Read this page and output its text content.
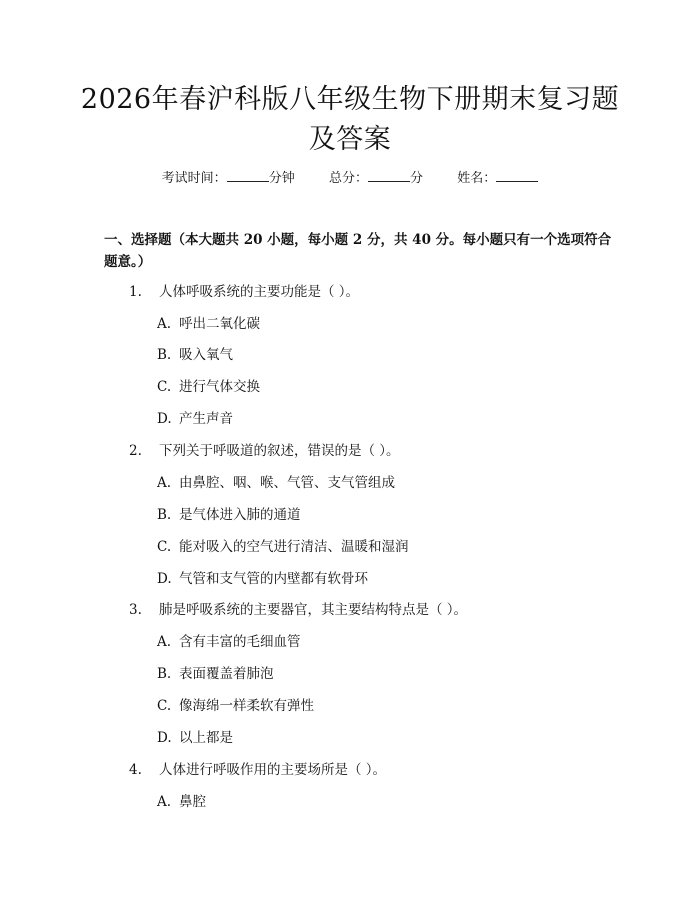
2026年春沪科版八年级生物下册期末复习题
及答案
考试时间：	分钟	总分：	分	姓名：
一、选择题（本大题共 20 小题，每小题 2 分，共 40 分。每小题只有一个选项符合题意。）
1. 人体呼吸系统的主要功能是（ ）。
A. 呼出二氧化碳
B. 吸入氧气
C. 进行气体交换
D. 产生声音
2. 下列关于呼吸道的叙述，错误的是（ ）。
A. 由鼻腔、咽、喉、气管、支气管组成
B. 是气体进入肺的通道
C. 能对吸入的空气进行清洁、温暖和湿润
D. 气管和支气管的内壁都有软骨环
3. 肺是呼吸系统的主要器官，其主要结构特点是（ ）。
A. 含有丰富的毛细血管
B. 表面覆盖着肺泡
C. 像海绵一样柔软有弹性
D. 以上都是
4. 人体进行呼吸作用的主要场所是（ ）。
A. 鼻腔
